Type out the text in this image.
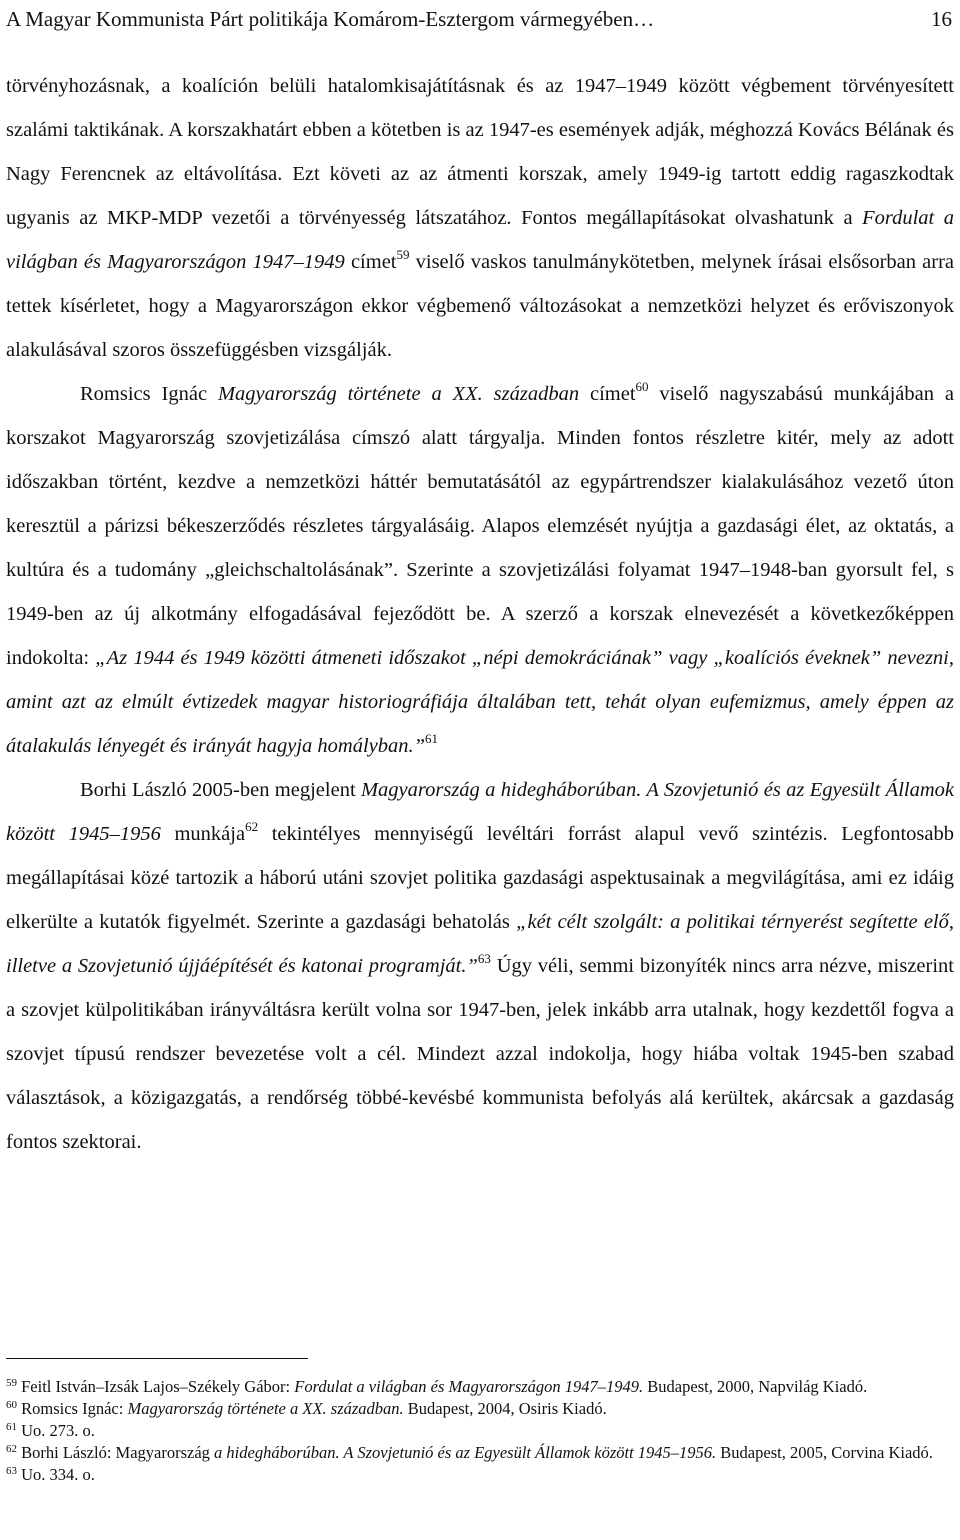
A Magyar Kommunista Párt politikája Komárom-Esztergom vármegyében…	16

törvényhozásnak, a koalíción belüli hatalomkisajátításnak és az 1947–1949 között végbement törvényesített szalámi taktikának. A korszakhatárt ebben a kötetben is az 1947-es események adják, méghozzá Kovács Bélának és Nagy Ferencnek az eltávolítása. Ezt követi az az átmenti korszak, amely 1949-ig tartott eddig ragaszkodtak ugyanis az MKP-MDP vezetői a törvényesség látszatához. Fontos megállapításokat olvashatunk a Fordulat a világban és Magyarországon 1947–1949 címet$^{59}$ viselő vaskos tanulmánykötetben, melynek írásai elsősorban arra tettek kísérletet, hogy a Magyarországon ekkor végbemenő változásokat a nemzetközi helyzet és erőviszonyok alakulásával szoros összefüggésben vizsgálják.

Romsics Ignác Magyarország története a XX. században címet$^{60}$ viselő nagyszabású munkájában a korszakot Magyarország szovjetizálása címszó alatt tárgyalja. Minden fontos részletre kitér, mely az adott időszakban történt, kezdve a nemzetközi háttér bemutatásától az egypártrendszer kialakulásához vezető úton keresztül a párizsi békeszerződés részletes tárgyalásáig. Alapos elemzését nyújtja a gazdasági élet, az oktatás, a kultúra és a tudomány „gleichschaltolásának”. Szerinte a szovjetizálási folyamat 1947–1948-ban gyorsult fel, s 1949-ben az új alkotmány elfogadásával fejeződött be. A szerző a korszak elnevezését a következőképpen indokolta: „Az 1944 és 1949 közötti átmeneti időszakot „népi demokráciának” vagy „koalíciós éveknek” nevezni, amint azt az elmúlt évtizedek magyar historiográfiája általában tett, tehát olyan eufemizmus, amely éppen az átalakulás lényegét és irányát hagyja homályban.”$^{61}$

Borhi László 2005-ben megjelent Magyarország a hidegháborúban. A Szovjetunió és az Egyesült Államok között 1945–1956 munkája$^{62}$ tekintélyes mennyiségű levéltári forrást alapul vevő szintézis. Legfontosabb megállapításai közé tartozik a háború utáni szovjet politika gazdasági aspektusainak a megvilágítása, ami ez idáig elkerülte a kutatók figyelmét. Szerinte a gazdasági behatolás „két célt szolgált: a politikai térnyerést segítette elő, illetve a Szovjetunió újjáépítését és katonai programját.”$^{63}$ Úgy véli, semmi bizonyíték nincs arra nézve, miszerint a szovjet külpolitikában irányváltásra került volna sor 1947-ben, jelek inkább arra utalnak, hogy kezdettől fogva a szovjet típusú rendszer bevezetése volt a cél. Mindezt azzal indokolja, hogy hiába voltak 1945-ben szabad választások, a közigazgatás, a rendőrség többé-kevésbé kommunista befolyás alá kerültek, akárcsak a gazdaság fontos szektorai.

$^{59}$ Feitl István–Izsák Lajos–Székely Gábor: Fordulat a világban és Magyarországon 1947–1949. Budapest, 2000, Napvilág Kiadó.

$^{60}$ Romsics Ignác: Magyarország története a XX. században. Budapest, 2004, Osiris Kiadó.

$^{61}$ Uo. 273. o.

$^{62}$ Borhi László: Magyarország a hidegháborúban. A Szovjetunió és az Egyesült Államok között 1945–1956. Budapest, 2005, Corvina Kiadó.

$^{63}$ Uo. 334. o.
